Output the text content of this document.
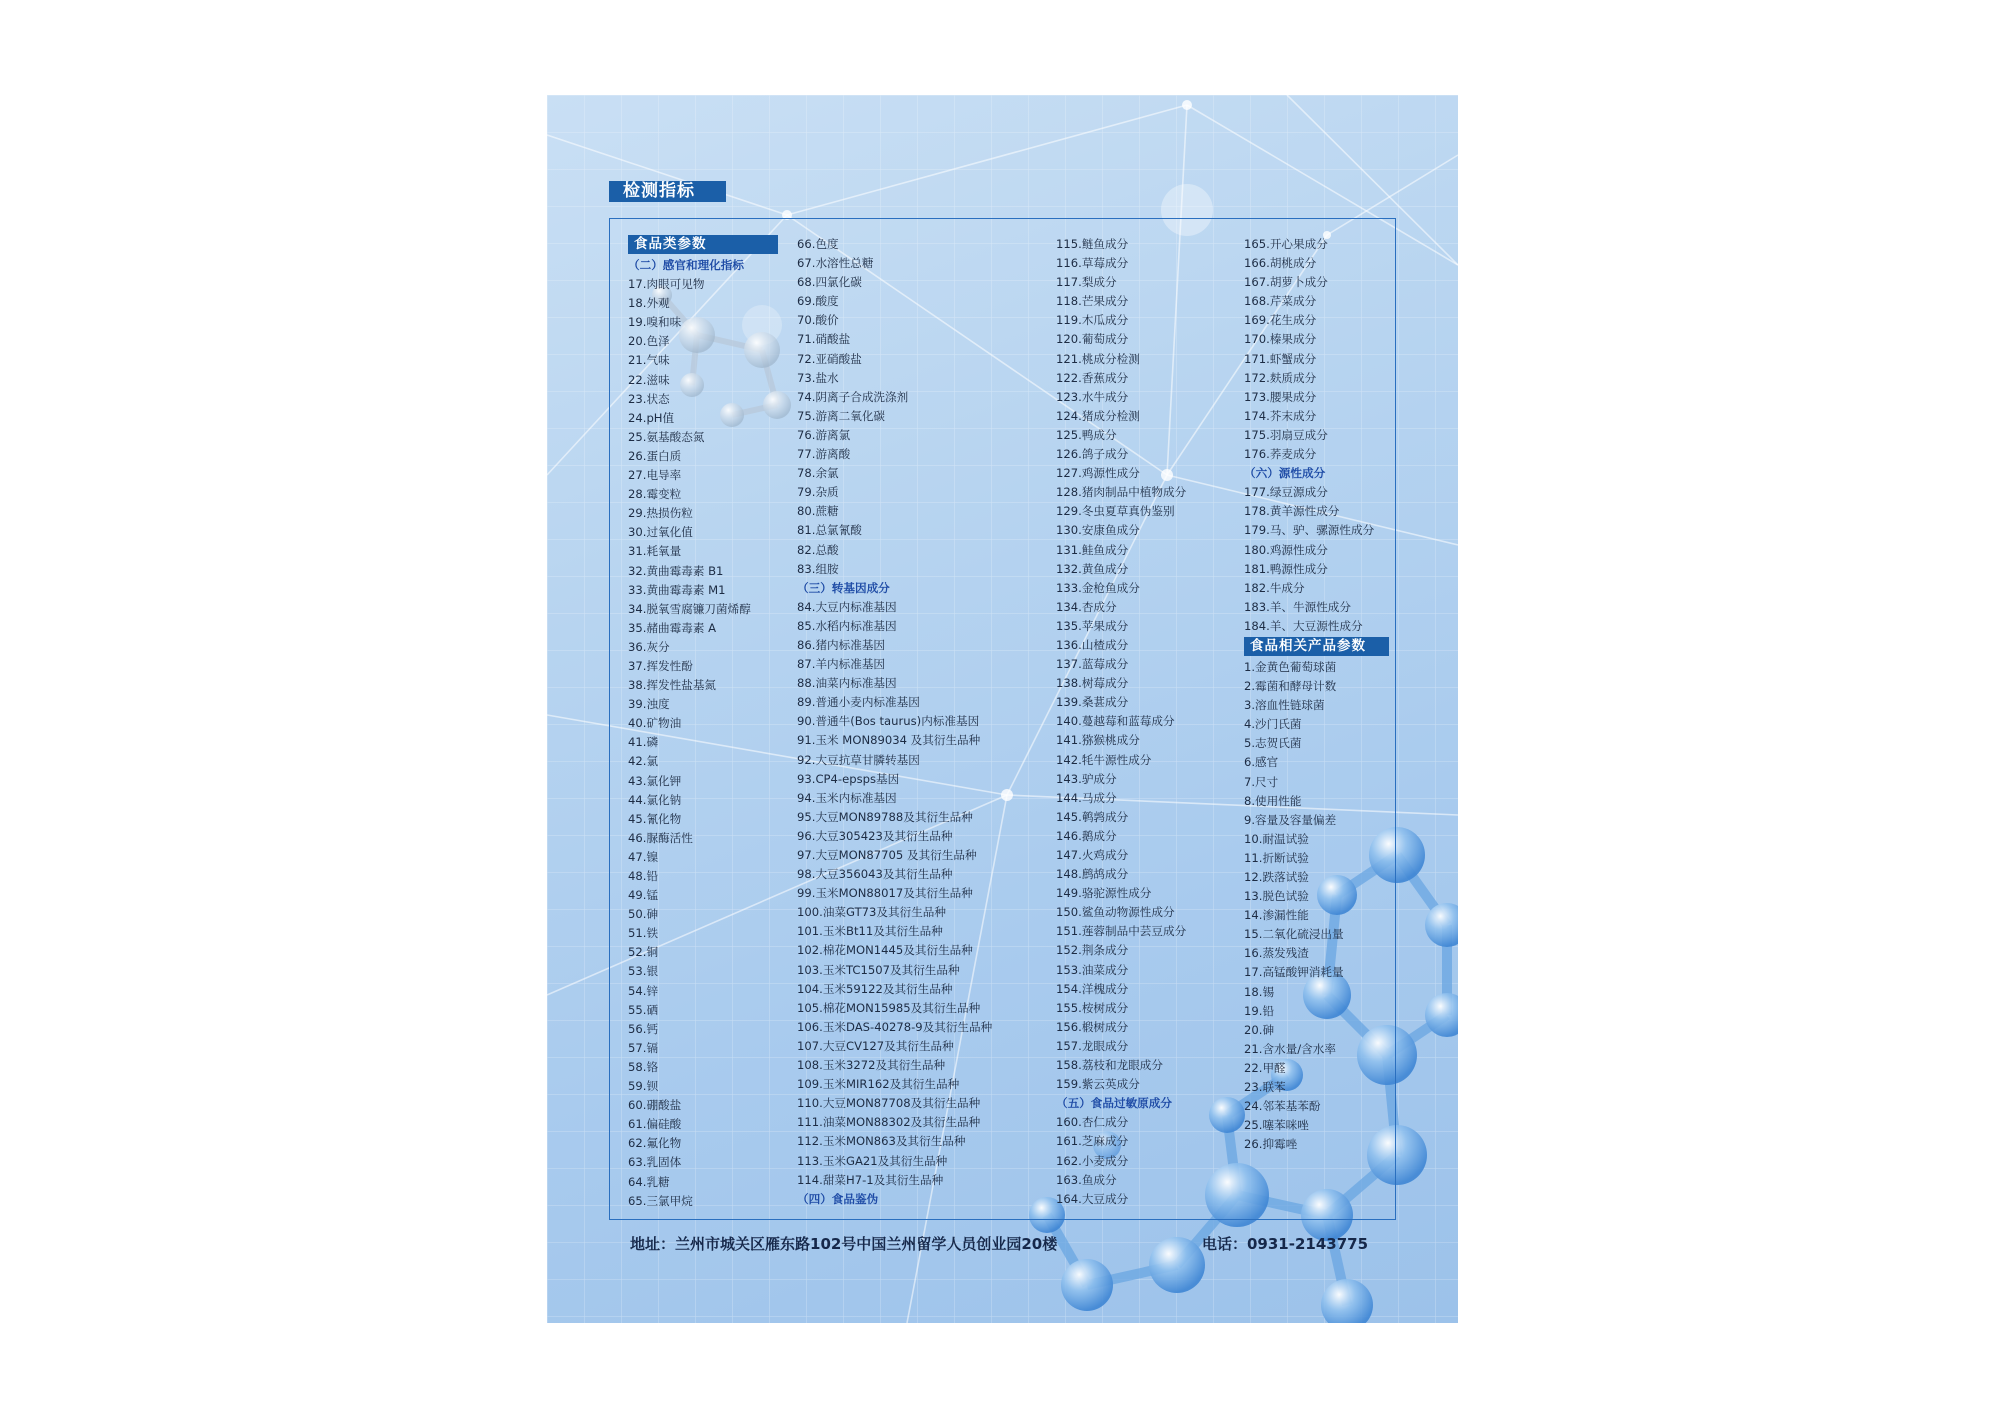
检测指标
食品类参数
（二）感官和理化指标
17.肉眼可见物
18.外观
19.嗅和味
20.色泽
21.气味
22.滋味
23.状态
24.pH值
25.氨基酸态氮
26.蛋白质
27.电导率
28.霉变粒
29.热损伤粒
30.过氧化值
31.耗氧量
32.黄曲霉毒素 B1
33.黄曲霉毒素 M1
34.脱氧雪腐镰刀菌烯醇
35.赭曲霉毒素 A
36.灰分
37.挥发性酚
38.挥发性盐基氮
39.浊度
40.矿物油
41.磷
42.氯
43.氯化钾
44.氯化钠
45.氰化物
46.脲酶活性
47.镍
48.铅
49.锰
50.砷
51.铁
52.铜
53.银
54.锌
55.硒
56.钙
57.镉
58.铬
59.钡
60.硼酸盐
61.偏硅酸
62.氟化物
63.乳固体
64.乳糖
65.三氯甲烷
66.色度
67.水溶性总糖
68.四氯化碳
69.酸度
70.酸价
71.硝酸盐
72.亚硝酸盐
73.盐水
74.阴离子合成洗涤剂
75.游离二氧化碳
76.游离氯
77.游离酸
78.余氯
79.杂质
80.蔗糖
81.总氯氰酸
82.总酸
83.组胺
（三）转基因成分
84.大豆内标准基因
85.水稻内标准基因
86.猪内标准基因
87.羊内标准基因
88.油菜内标准基因
89.普通小麦内标准基因
90.普通牛(Bos taurus)内标准基因
91.玉米 MON89034 及其衍生品种
92.大豆抗草甘膦转基因
93.CP4-epsps基因
94.玉米内标准基因
95.大豆MON89788及其衍生品种
96.大豆305423及其衍生品种
97.大豆MON87705 及其衍生品种
98.大豆356043及其衍生品种
99.玉米MON88017及其衍生品种
100.油菜GT73及其衍生品种
101.玉米Bt11及其衍生品种
102.棉花MON1445及其衍生品种
103.玉米TC1507及其衍生品种
104.玉米59122及其衍生品种
105.棉花MON15985及其衍生品种
106.玉米DAS-40278-9及其衍生品种
107.大豆CV127及其衍生品种
108.玉米3272及其衍生品种
109.玉米MIR162及其衍生品种
110.大豆MON87708及其衍生品种
111.油菜MON88302及其衍生品种
112.玉米MON863及其衍生品种
113.玉米GA21及其衍生品种
114.甜菜H7-1及其衍生品种
（四）食品鉴伪
115.鲢鱼成分
116.草莓成分
117.梨成分
118.芒果成分
119.木瓜成分
120.葡萄成分
121.桃成分检测
122.香蕉成分
123.水牛成分
124.猪成分检测
125.鸭成分
126.鸽子成分
127.鸡源性成分
128.猪肉制品中植物成分
129.冬虫夏草真伪鉴别
130.安康鱼成分
131.鲑鱼成分
132.黄鱼成分
133.金枪鱼成分
134.杏成分
135.苹果成分
136.山楂成分
137.蓝莓成分
138.树莓成分
139.桑葚成分
140.蔓越莓和蓝莓成分
141.猕猴桃成分
142.牦牛源性成分
143.驴成分
144.马成分
145.鹌鹑成分
146.鹅成分
147.火鸡成分
148.鹧鸪成分
149.骆驼源性成分
150.鲨鱼动物源性成分
151.莲蓉制品中芸豆成分
152.荆条成分
153.油菜成分
154.洋槐成分
155.桉树成分
156.椴树成分
157.龙眼成分
158.荔枝和龙眼成分
159.紫云英成分
（五）食品过敏原成分
160.杏仁成分
161.芝麻成分
162.小麦成分
163.鱼成分
164.大豆成分
165.开心果成分
166.胡桃成分
167.胡萝卜成分
168.芹菜成分
169.花生成分
170.榛果成分
171.虾蟹成分
172.麸质成分
173.腰果成分
174.芥末成分
175.羽扇豆成分
176.荞麦成分
（六）源性成分
177.绿豆源成分
178.黄羊源性成分
179.马、驴、骡源性成分
180.鸡源性成分
181.鸭源性成分
182.牛成分
183.羊、牛源性成分
184.羊、大豆源性成分
食品相关产品参数
1.金黄色葡萄球菌
2.霉菌和酵母计数
3.溶血性链球菌
4.沙门氏菌
5.志贺氏菌
6.感官
7.尺寸
8.使用性能
9.容量及容量偏差
10.耐温试验
11.折断试验
12.跌落试验
13.脱色试验
14.渗漏性能
15.二氧化硫浸出量
16.蒸发残渣
17.高锰酸钾消耗量
18.锡
19.铅
20.砷
21.含水量/含水率
22.甲醛
23.联苯
24.邻苯基苯酚
25.噻苯咪唑
26.抑霉唑
地址：兰州市城关区雁东路102号中国兰州留学人员创业园20楼	电话：0931-2143775
